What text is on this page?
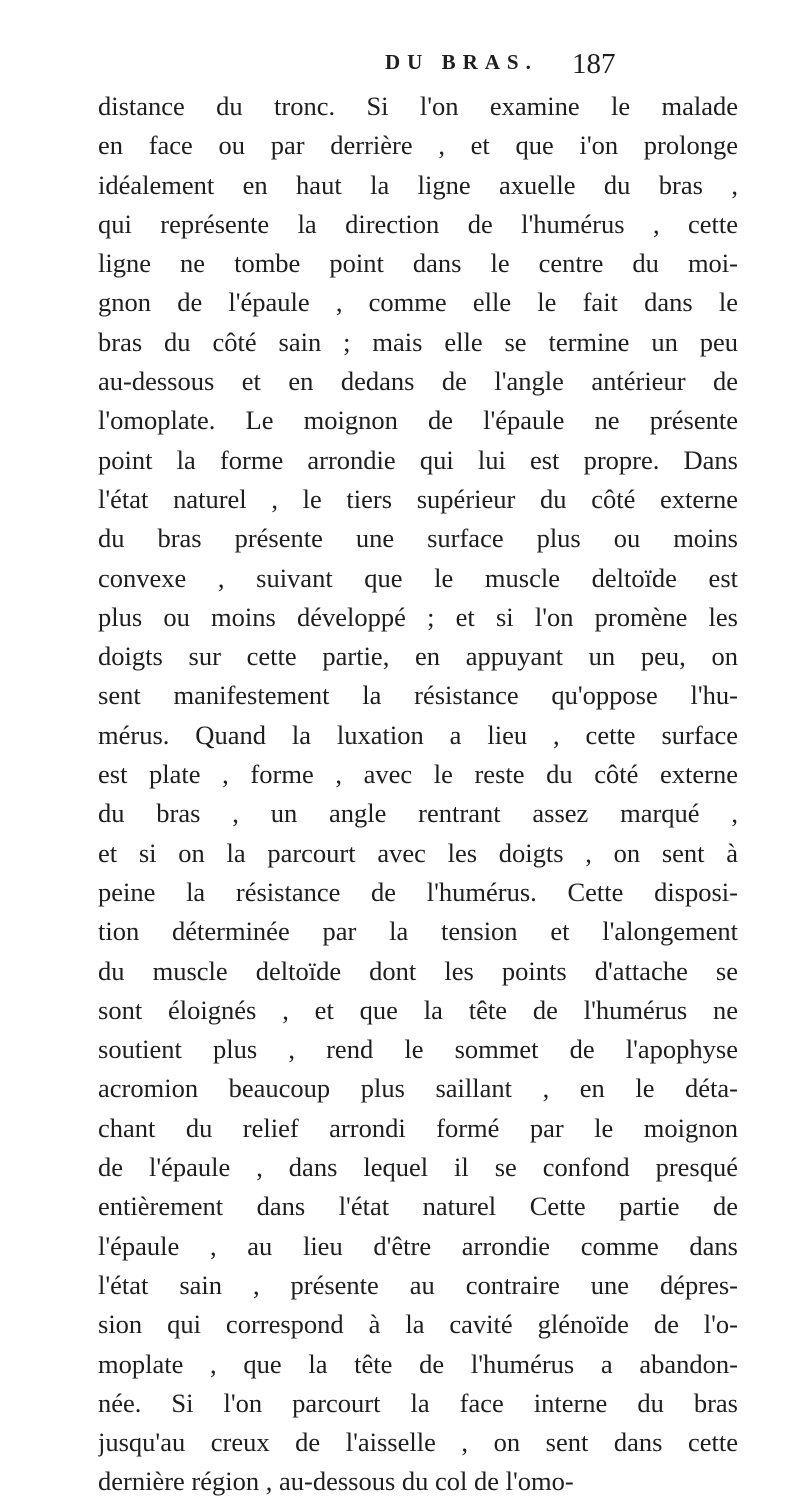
DU BRAS. 187
distance du tronc. Si l'on examine le malade
en face ou par derrière , et que i'on prolonge
idéalement en haut la ligne axuelle du bras ,
qui représente la direction de l'humérus , cette
ligne ne tombe point dans le centre du moi-
gnon de l'épaule , comme elle le fait dans le
bras du côté sain ; mais elle se termine un peu
au-dessous et en dedans de l'angle antérieur de
l'omoplate. Le moignon de l'épaule ne présente
point la forme arrondie qui lui est propre. Dans
l'état naturel , le tiers supérieur du côté externe
du bras présente une surface plus ou moins
convexe , suivant que le muscle deltoïde est
plus ou moins développé ; et si l'on promène les
doigts sur cette partie, en appuyant un peu, on
sent manifestement la résistance qu'oppose l'hu-
mérus. Quand la luxation a lieu , cette surface
est plate , forme , avec le reste du côté externe
du bras , un angle rentrant assez marqué ,
et si on la parcourt avec les doigts , on sent à
peine la résistance de l'humérus. Cette disposi-
tion déterminée par la tension et l'alongement
du muscle deltoïde dont les points d'attache se
sont éloignés , et que la tête de l'humérus ne
soutient plus , rend le sommet de l'apophyse
acromion beaucoup plus saillant , en le déta-
chant du relief arrondi formé par le moignon
de l'épaule , dans lequel il se confond presqué
entièrement dans l'état naturel Cette partie de
l'épaule , au lieu d'être arrondie comme dans
l'état sain , présente au contraire une dépres-
sion qui correspond à la cavité glénoïde de l'o-
moplate , que la tête de l'humérus a abandon-
née. Si l'on parcourt la face interne du bras
jusqu'au creux de l'aisselle , on sent dans cette
dernière région , au-dessous du col de l'omo-
